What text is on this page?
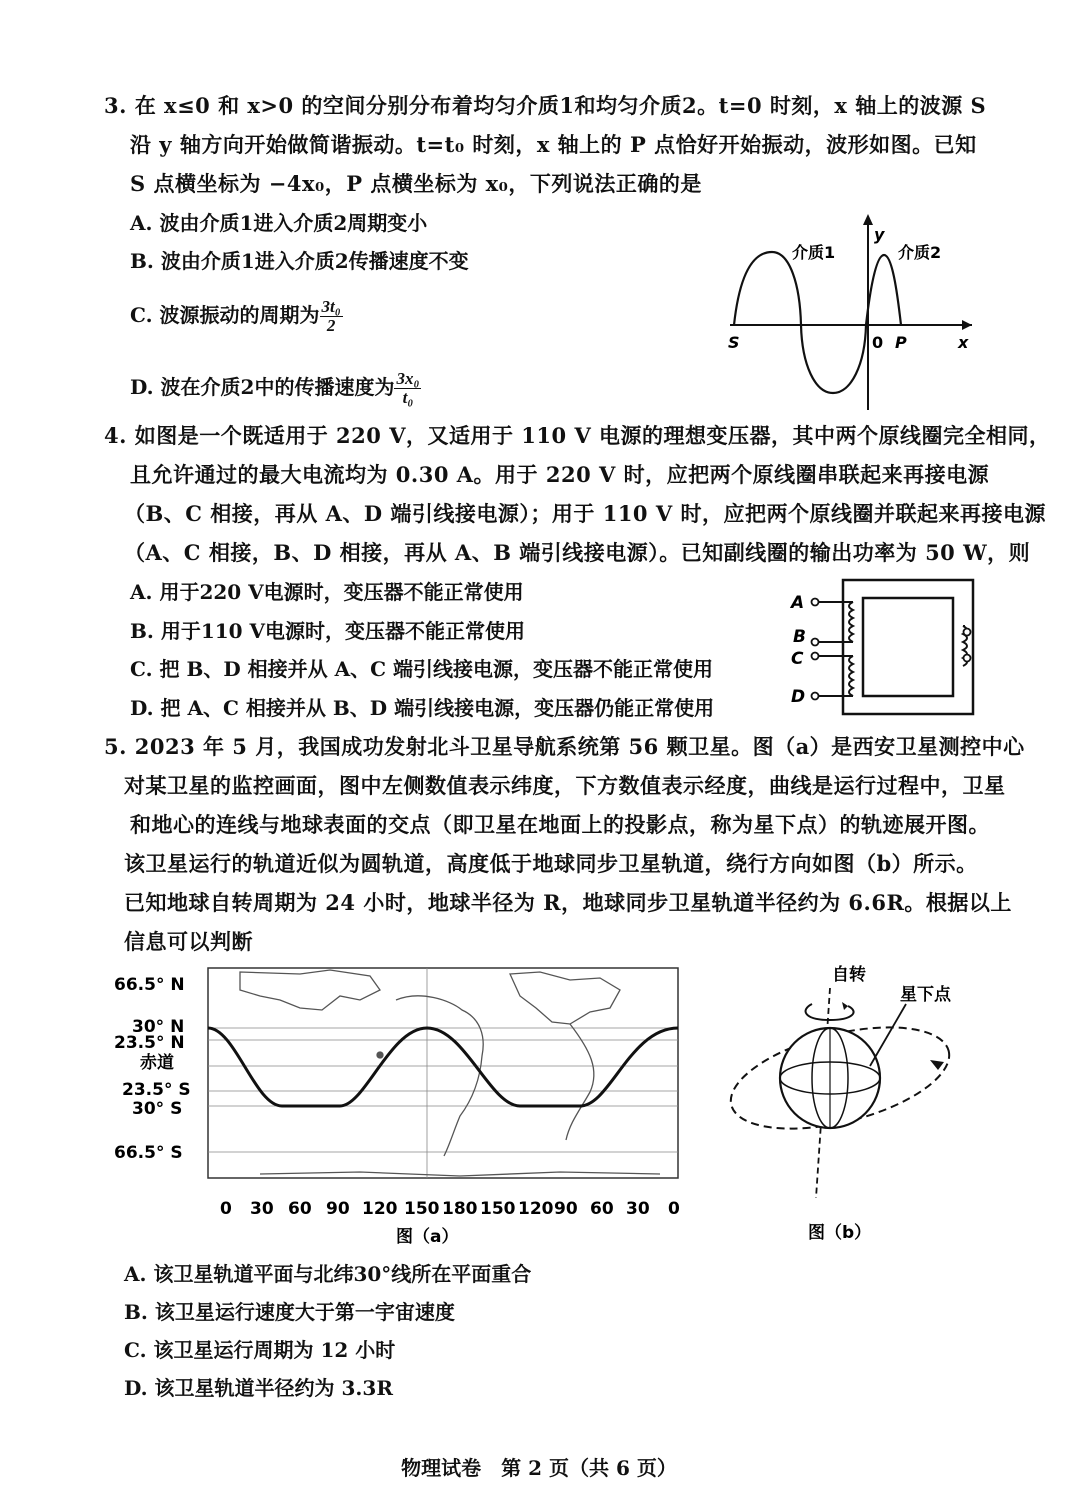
3. 在 x≤0 和 x>0 的空间分别分布着均匀介质1和均匀介质2。t=0 时刻，x 轴上的波源 S
沿 y 轴方向开始做简谐振动。t=t₀ 时刻，x 轴上的 P 点恰好开始振动，波形如图。已知
S 点横坐标为 −4x₀，P 点横坐标为 x₀，下列说法正确的是
A. 波由介质1进入介质2周期变小
B. 波由介质1进入介质2传播速度不变
C. 波源振动的周期为 $\frac{\text{3t₀}}{2}$
D. 波在介质2中的传播速度为 $\frac{\text{3x₀}}{\text{t₀}}$
介质1	介质2
y
x
S	0 P
4. 如图是一个既适用于 220 V，又适用于 110 V 电源的理想变压器，其中两个原线圈完全相同，
且允许通过的最大电流均为 0.30 A。用于 220 V 时，应把两个原线圈串联起来再接电源
（B、C 相接，再从 A、D 端引线接电源）；用于 110 V 时，应把两个原线圈并联起来再接电源
（A、C 相接，B、D 相接，再从 A、B 端引线接电源）。已知副线圈的输出功率为 50 W，则
A. 用于220 V电源时，变压器不能正常使用
B. 用于110 V电源时，变压器不能正常使用
C. 把 B、D 相接并从 A、C 端引线接电源，变压器不能正常使用
D. 把 A、C 相接并从 B、D 端引线接电源，变压器仍能正常使用
A
B
C
D
5. 2023 年 5 月，我国成功发射北斗卫星导航系统第 56 颗卫星。图（a）是西安卫星测控中心
对某卫星的监控画面，图中左侧数值表示纬度，下方数值表示经度，曲线是运行过程中，卫星
和地心的连线与地球表面的交点（即卫星在地面上的投影点，称为星下点）的轨迹展开图。
该卫星运行的轨道近似为圆轨道，高度低于地球同步卫星轨道，绕行方向如图（b）所示。
已知地球自转周期为 24 小时，地球半径为 R，地球同步卫星轨道半径约为 6.6R。根据以上
信息可以判断
66.5° N
30° N
23.5° N
赤道
23.5° S
30° S
66.5° S
0 30 60 90 120 150 180 150 120 90 60 30 0
图（a）
自转
星下点
图（b）
A. 该卫星轨道平面与北纬30°线所在平面重合
B. 该卫星运行速度大于第一宇宙速度
C. 该卫星运行周期为 12 小时
D. 该卫星轨道半径约为 3.3R
物理试卷　第 2 页（共 6 页）
